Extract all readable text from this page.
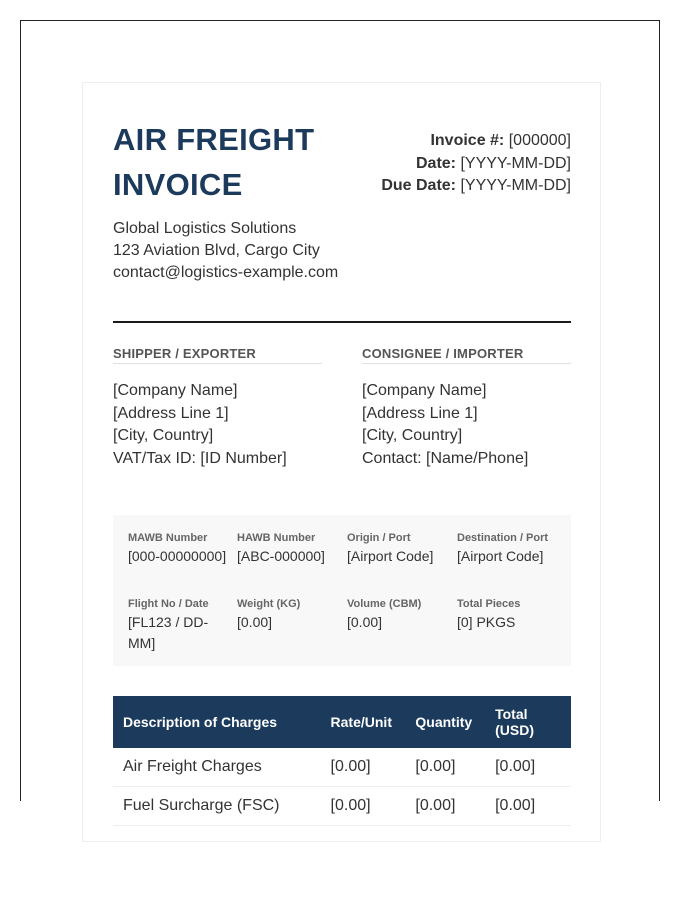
AIR FREIGHT INVOICE
Invoice #: [000000]
Date: [YYYY-MM-DD]
Due Date: [YYYY-MM-DD]
Global Logistics Solutions
123 Aviation Blvd, Cargo City
contact@logistics-example.com
SHIPPER / EXPORTER
[Company Name]
[Address Line 1]
[City, Country]
VAT/Tax ID: [ID Number]
CONSIGNEE / IMPORTER
[Company Name]
[Address Line 1]
[City, Country]
Contact: [Name/Phone]
MAWB Number
[000-00000000]
HAWB Number
[ABC-000000]
Origin / Port
[Airport Code]
Destination / Port
[Airport Code]
Flight No / Date
[FL123 / DD-MM]
Weight (KG)
[0.00]
Volume (CBM)
[0.00]
Total Pieces
[0] PKGS
Description of Charges	Rate/Unit	Quantity	Total (USD)
Air Freight Charges	[0.00]	[0.00]	[0.00]
Fuel Surcharge (FSC)	[0.00]	[0.00]	[0.00]
